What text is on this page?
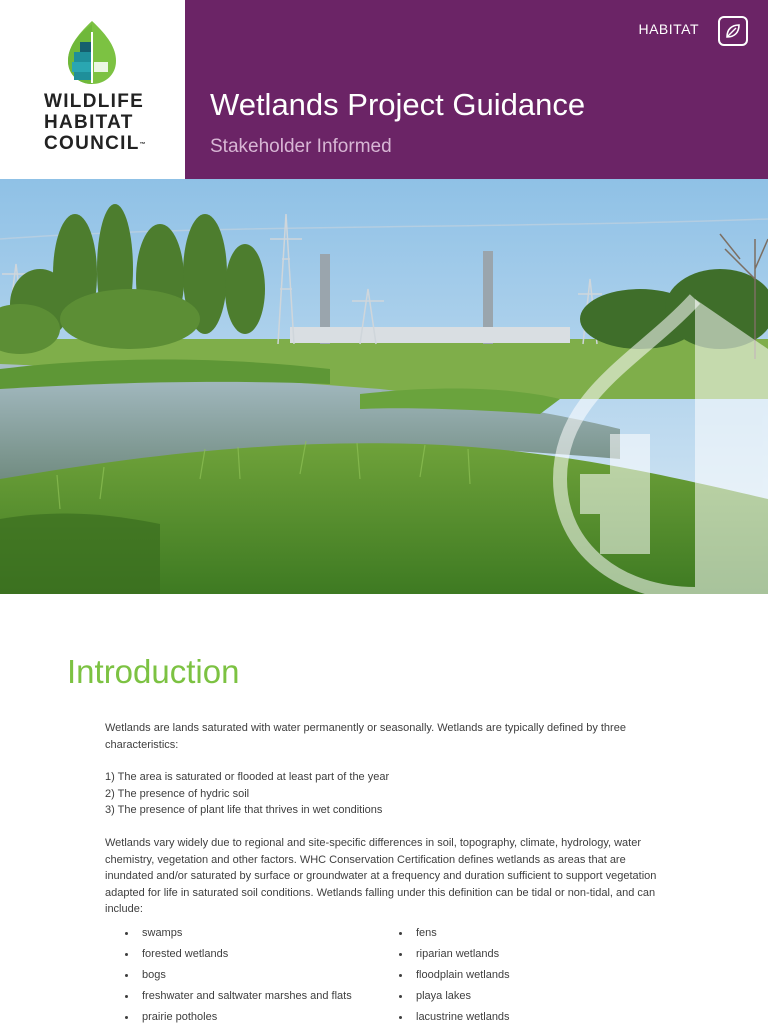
WILDLIFE
HABITAT
COUNCIL™
HABITAT
Wetlands Project Guidance
Stakeholder Informed
Introduction
Wetlands are lands saturated with water permanently or seasonally. Wetlands are typically defined by three characteristics:
1) The area is saturated or flooded at least part of the year
2) The presence of hydric soil
3) The presence of plant life that thrives in wet conditions
Wetlands vary widely due to regional and site-specific differences in soil, topography, climate, hydrology, water chemistry, vegetation and other factors. WHC Conservation Certification defines wetlands as areas that are inundated and/or saturated by surface or groundwater at a frequency and duration sufficient to support vegetation adapted for life in saturated soil conditions. Wetlands falling under this definition can be tidal or non-tidal, and can include:
swamps
forested wetlands
bogs
freshwater and saltwater marshes and flats
prairie potholes
fens
riparian wetlands
floodplain wetlands
playa lakes
lacustrine wetlands
